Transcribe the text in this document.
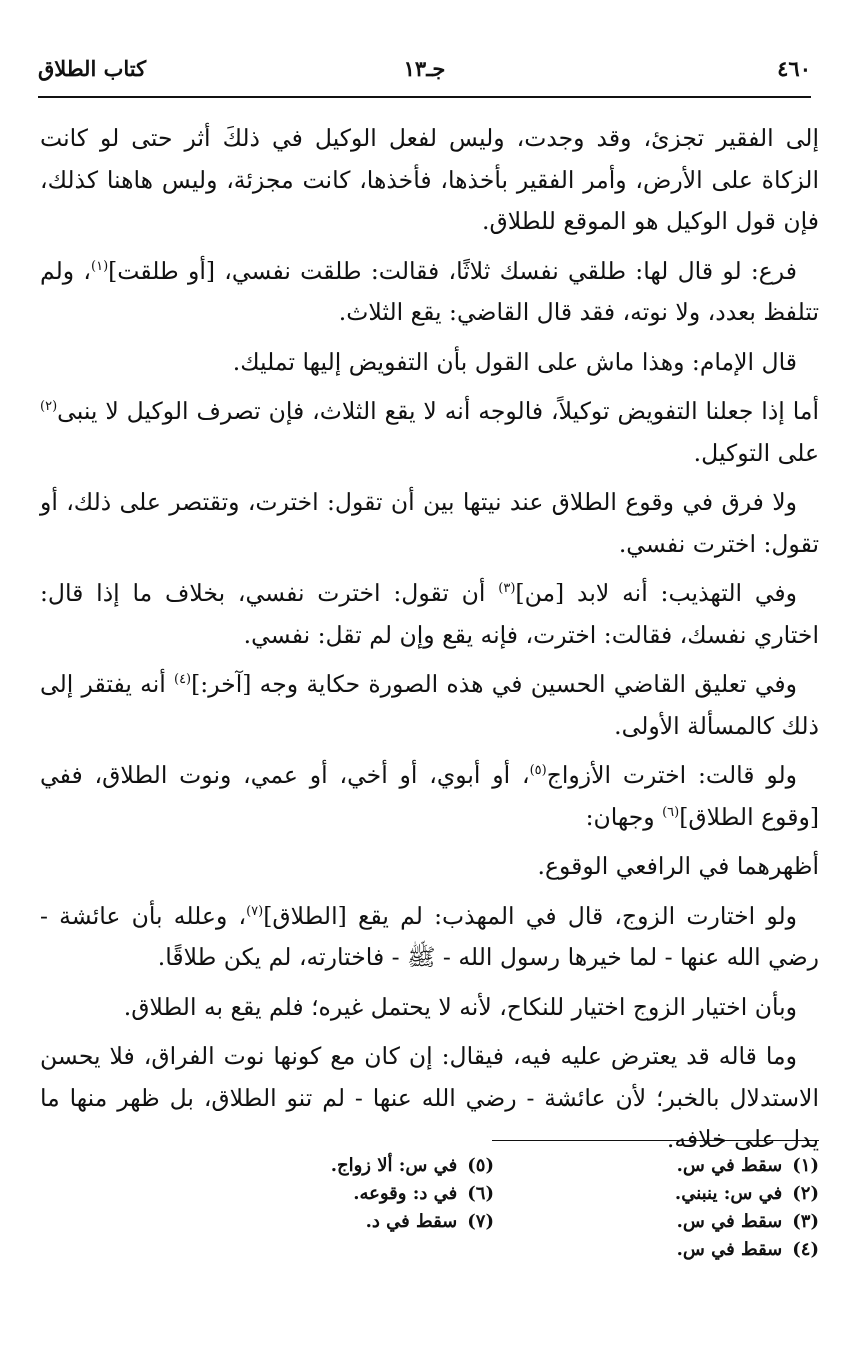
٤٦٠
جـ١٣
كتاب الطلاق

إلى الفقير تجزئ، وقد وجدت، وليس لفعل الوكيل في ذلكَ أثر حتى لو كانت الزكاة على الأرض، وأمر الفقير بأخذها، فأخذها، كانت مجزئة، وليس هاهنا كذلك، فإن قول الوكيل هو الموقع للطلاق.

فرع: لو قال لها: طلقي نفسك ثلاثًا، فقالت: طلقت نفسي، [أو طلقت]$^{(١)}$، ولم تتلفظ بعدد، ولا نوته، فقد قال القاضي: يقع الثلاث.

قال الإمام: وهذا ماش على القول بأن التفويض إليها تمليك.

أما إذا جعلنا التفويض توكيلاً، فالوجه أنه لا يقع الثلاث، فإن تصرف الوكيل لا ينبى$^{(٢)}$ على التوكيل.

ولا فرق في وقوع الطلاق عند نيتها بين أن تقول: اخترت، وتقتصر على ذلك، أو تقول: اخترت نفسي.

وفي التهذيب: أنه لابد [من]$^{(٣)}$ أن تقول: اخترت نفسي، بخلاف ما إذا قال: اختاري نفسك، فقالت: اخترت، فإنه يقع وإن لم تقل: نفسي.

وفي تعليق القاضي الحسين في هذه الصورة حكاية وجه [آخر:]$^{(٤)}$ أنه يفتقر إلى ذلك كالمسألة الأولى.

ولو قالت: اخترت الأزواج$^{(٥)}$، أو أبوي، أو أخي، أو عمي، ونوت الطلاق، ففي [وقوع الطلاق]$^{(٦)}$ وجهان:

أظهرهما في الرافعي الوقوع.

ولو اختارت الزوج، قال في المهذب: لم يقع [الطلاق]$^{(٧)}$، وعلله بأن عائشة - رضي الله عنها - لما خيرها رسول الله - ﷺ - فاختارته، لم يكن طلاقًا.

وبأن اختيار الزوج اختيار للنكاح، لأنه لا يحتمل غيره؛ فلم يقع به الطلاق.

وما قاله قد يعترض عليه فيه، فيقال: إن كان مع كونها نوت الفراق، فلا يحسن الاستدلال بالخبر؛ لأن عائشة - رضي الله عنها - لم تنو الطلاق، بل ظهر منها ما يدل على خلافه.

(١)سقط في س.

(٢)في س: ينبني.

(٣)سقط في س.

(٤)سقط في س.

(٥)في س: ألا زواج.

(٦)في د: وقوعه.

(٧)سقط في د.
